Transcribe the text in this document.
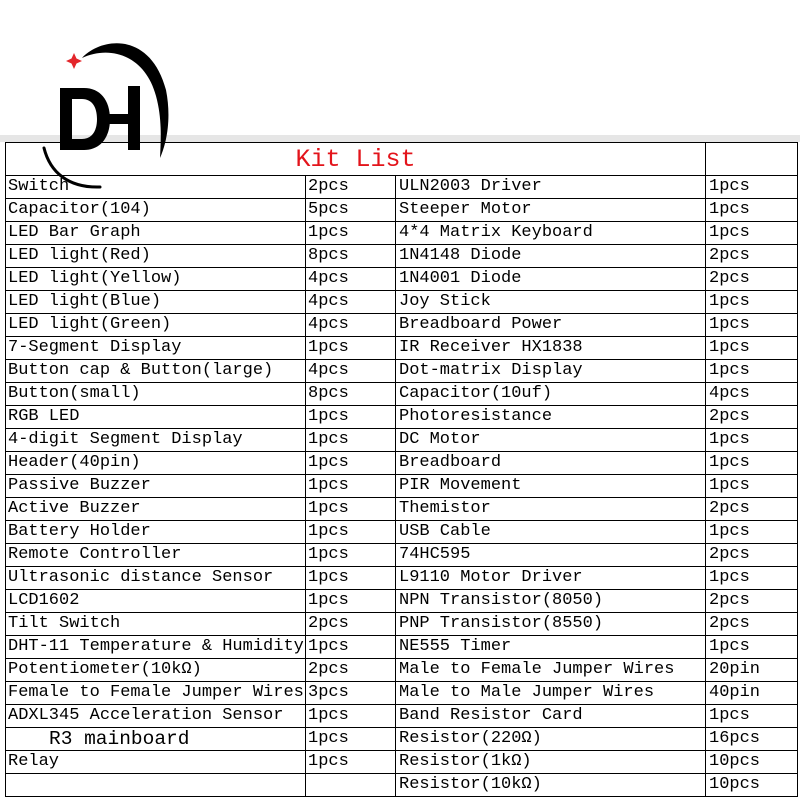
Kit List			
Switch	2pcs	ULN2003 Driver	1pcs
Capacitor(104)	5pcs	Steeper Motor	1pcs
LED Bar Graph	1pcs	4*4 Matrix Keyboard	1pcs
LED light(Red)	8pcs	1N4148 Diode	2pcs
LED light(Yellow)	4pcs	1N4001 Diode	2pcs
LED light(Blue)	4pcs	Joy Stick	1pcs
LED light(Green)	4pcs	Breadboard Power	1pcs
7-Segment Display	1pcs	IR Receiver HX1838	1pcs
Button cap & Button(large)	4pcs	Dot-matrix Display	1pcs
Button(small)	8pcs	Capacitor(10uf)	4pcs
RGB LED	1pcs	Photoresistance	2pcs
4-digit Segment Display	1pcs	DC Motor	1pcs
Header(40pin)	1pcs	Breadboard	1pcs
Passive Buzzer	1pcs	PIR Movement	1pcs
Active Buzzer	1pcs	Themistor	2pcs
Battery Holder	1pcs	USB Cable	1pcs
Remote Controller	1pcs	74HC595	2pcs
Ultrasonic distance Sensor	1pcs	L9110 Motor Driver	1pcs
LCD1602	1pcs	NPN Transistor(8050)	2pcs
Tilt Switch	2pcs	PNP Transistor(8550)	2pcs
DHT-11 Temperature & Humidity	1pcs	NE555 Timer	1pcs
Potentiometer(10kΩ)	2pcs	Male to Female Jumper Wires	20pin
Female to Female Jumper Wires	3pcs	Male to Male Jumper Wires	40pin
ADXL345 Acceleration Sensor	1pcs	Band Resistor Card	1pcs
R3 mainboard	1pcs	Resistor(220Ω)	16pcs
Relay	1pcs	Resistor(1kΩ)	10pcs
		Resistor(10kΩ)	10pcs
